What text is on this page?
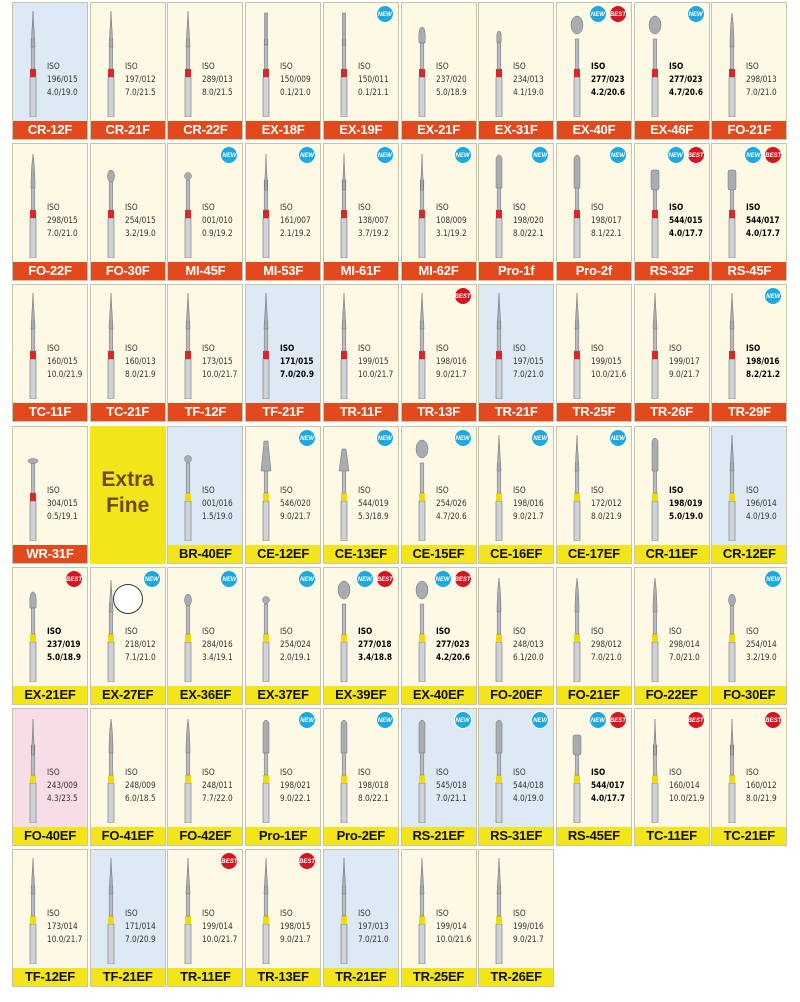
ISO
196/015
4.0/19.0
CR-12F
ISO
197/012
7.0/21.5
CR-21F
ISO
289/013
8.0/21.5
CR-22F
ISO
150/009
0.1/21.0
EX-18F
ISO
150/011
0.1/21.1
NEW
EX-19F
ISO
237/020
5.0/18.9
EX-21F
ISO
234/013
4.1/19.0
EX-31F
ISO
277/023
4.2/20.6
NEW BEST
EX-40F
ISO
277/023
4.7/20.6
NEW
EX-46F
ISO
298/013
7.0/21.0
FO-21F
ISO
298/015
7.0/21.0
FO-22F
ISO
254/015
3.2/19.0
FO-30F
ISO
001/010
0.9/19.2
NEW
MI-45F
ISO
161/007
2.1/19.2
NEW
MI-53F
ISO
138/007
3.7/19.2
NEW
MI-61F
ISO
108/009
3.1/19.2
NEW
MI-62F
ISO
198/020
8.0/22.1
NEW
Pro-1f
ISO
198/017
8.1/22.1
NEW
Pro-2f
ISO
544/015
4.0/17.7
NEW BEST
RS-32F
ISO
544/017
4.0/17.7
NEW BEST
RS-45F
ISO
160/015
10.0/21.9
TC-11F
ISO
160/013
8.0/21.9
TC-21F
ISO
173/015
10.0/21.7
TF-12F
ISO
171/015
7.0/20.9
TF-21F
ISO
199/015
10.0/21.7
TR-11F
ISO
198/016
9.0/21.7
BEST
TR-13F
ISO
197/015
7.0/21.0
TR-21F
ISO
199/015
10.0/21.6
TR-25F
ISO
199/017
9.0/21.7
TR-26F
ISO
198/016
8.2/21.2
NEW
TR-29F
ISO
304/015
0.5/19.1
WR-31F
Extra
Fine
ISO
001/016
1.5/19.0
BR-40EF
ISO
546/020
9.0/21.7
NEW
CE-12EF
ISO
544/019
5.3/18.9
NEW
CE-13EF
ISO
254/026
4.7/20.6
NEW
CE-15EF
ISO
198/016
9.0/21.7
NEW
CE-16EF
ISO
172/012
8.0/21.9
NEW
CE-17EF
ISO
198/019
5.0/19.0
CR-11EF
ISO
196/014
4.0/19.0
CR-12EF
ISO
237/019
5.0/18.9
BEST
EX-21EF
ISO
218/012
7.1/21.0
NEW
EX-27EF
ISO
284/016
3.4/19.1
NEW
EX-36EF
ISO
254/024
2.0/19.1
NEW
EX-37EF
ISO
277/018
3.4/18.8
NEW BEST
EX-39EF
ISO
277/023
4.2/20.6
NEW BEST
EX-40EF
ISO
248/013
6.1/20.0
FO-20EF
ISO
298/012
7.0/21.0
FO-21EF
ISO
298/014
7.0/21.0
FO-22EF
ISO
254/014
3.2/19.0
NEW
FO-30EF
ISO
243/009
4.3/23.5
FO-40EF
ISO
248/009
6.0/18.5
FO-41EF
ISO
248/011
7.7/22.0
FO-42EF
ISO
198/021
9.0/22.1
NEW
Pro-1EF
ISO
198/018
8.0/22.1
NEW
Pro-2EF
ISO
545/018
7.0/21.1
NEW
RS-21EF
ISO
544/018
4.0/19.0
NEW
RS-31EF
ISO
544/017
4.0/17.7
NEW BEST
RS-45EF
ISO
160/014
10.0/21.9
BEST
TC-11EF
ISO
160/012
8.0/21.9
BEST
TC-21EF
ISO
173/014
10.0/21.7
TF-12EF
ISO
171/014
7.0/20.9
TF-21EF
ISO
199/014
10.0/21.7
BEST
TR-11EF
ISO
198/015
9.0/21.7
BEST
TR-13EF
ISO
197/013
7.0/21.0
TR-21EF
ISO
199/014
10.0/21.6
TR-25EF
ISO
199/016
9.0/21.7
TR-26EF
